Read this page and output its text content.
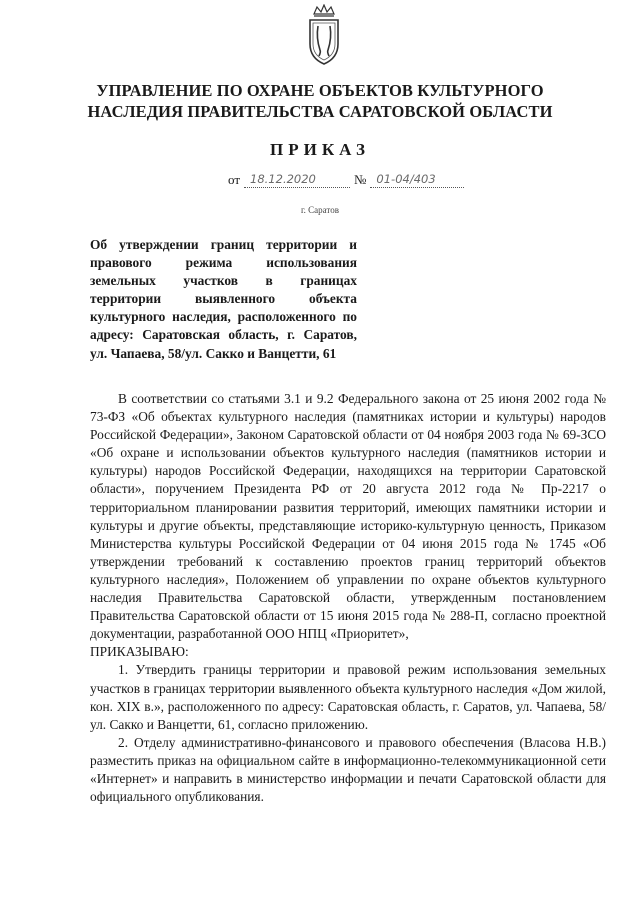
УПРАВЛЕНИЕ ПО ОХРАНЕ ОБЪЕКТОВ КУЛЬТУРНОГО
НАСЛЕДИЯ ПРАВИТЕЛЬСТВА САРАТОВСКОЙ ОБЛАСТИ
ПРИКАЗ
от 18.12.2020	№ 01-04/403
г. Саратов

Об утверждении границ территории и правового режима использования земельных участков в границах территории выявленного объекта культурного наследия, расположенного по адресу: Саратовская область, г. Саратов, ул. Чапаева, 58/ул. Сакко и Ванцетти, 61

В соответствии со статьями 3.1 и 9.2 Федерального закона от 25 июня 2002 года № 73-ФЗ «Об объектах культурного наследия (памятниках истории и культуры) народов Российской Федерации», Законом Саратовской области от 04 ноября 2003 года № 69-ЗСО «Об охране и использовании объектов культурного наследия (памятников истории и культуры) народов Российской Федерации, находящихся на территории Саратовской области», поручением Президента РФ от 20 августа 2012 года № Пр-2217 о территориальном планировании развития территорий, имеющих памятники истории и культуры и другие объекты, представляющие историко-культурную ценность, Приказом Министерства культуры Российской Федерации от 04 июня 2015 года № 1745 «Об утверждении требований к составлению проектов границ территорий объектов культурного наследия», Положением об управлении по охране объектов культурного наследия Правительства Саратовской области, утвержденным постановлением Правительства Саратовской области от 15 июня 2015 года № 288-П, согласно проектной документации, разработанной ООО НПЦ «Приоритет»,

ПРИКАЗЫВАЮ:

1. Утвердить границы территории и правовой режим использования земельных участков в границах территории выявленного объекта культурного наследия «Дом жилой, кон. XIX в.», расположенного по адресу: Саратовская область, г. Саратов, ул. Чапаева, 58/ул. Сакко и Ванцетти, 61, согласно приложению.

2. Отделу административно-финансового и правового обеспечения (Власова Н.В.) разместить приказ на официальном сайте в информационно-телекоммуникационной сети «Интернет» и направить в министерство информации и печати Саратовской области для официального опубликования.
